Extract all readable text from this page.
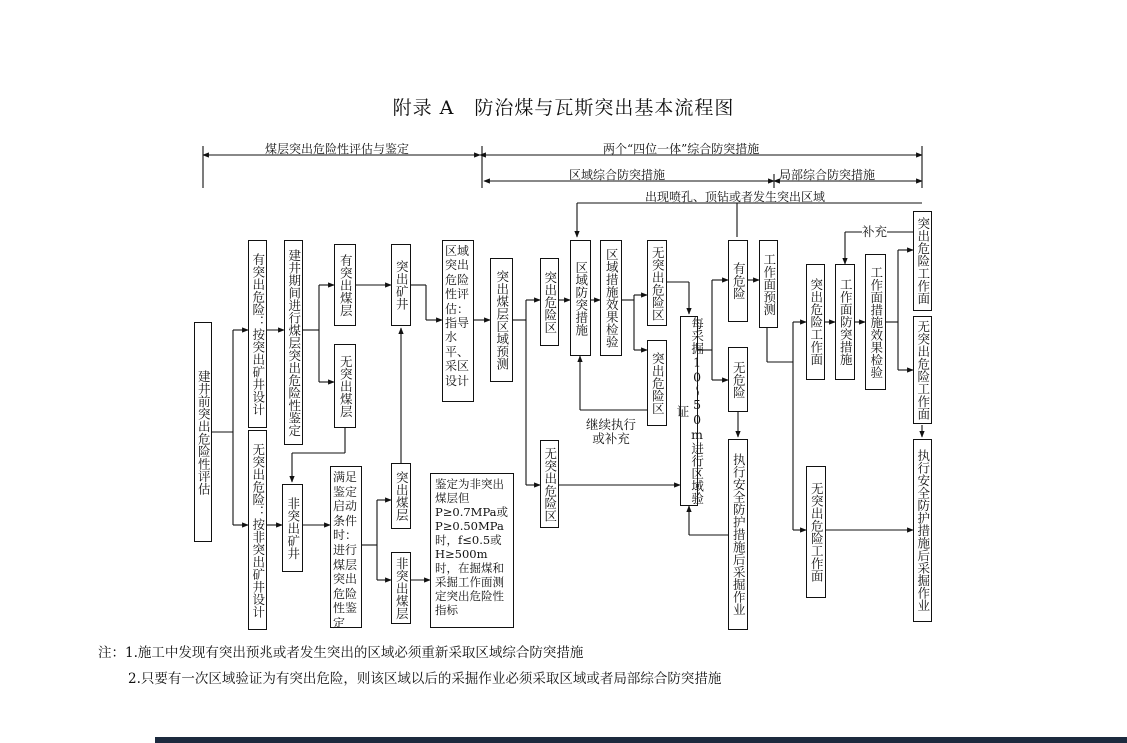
附录 A　防治煤与瓦斯突出基本流程图
煤层突出危险性评估与鉴定	两个“四位一体”综合防突措施
区域综合防突措施	局部综合防突措施
出现喷孔、顶钻或者发生突出区域
建井前突出危险性评估
有突出危险：按突出矿井设计
无突出危险：按非突出矿井设计
建井期间进行煤层突出危险性鉴定	有突出煤层
无突出煤层
突出矿井
非突出矿井
满足鉴定启动条件时：进行煤层突出危险性鉴定
突出煤层
非突出煤层
鉴定为非突出煤层但P≥0.7MPa或P≥0.50MPa时，f≤0.5或H≥500m时，在掘煤和采掘工作面测定突出危险性指标
区域突出危险性评估：指导水平、采区设计
突出煤层区域预测	突出危险区
无突出危险区
区域防突措施	区域措施效果检验 无突出危险区
突出危险区	每采掘10～50m进行区域验证
有危险
无危险
执行安全防护措施后采掘作业
工作面预测	突出危险工作面
无突出危险工作面
工作面防突措施	工作面措施效果检验
突出危险工作面
无突出危险工作面
执行安全防护措施后采掘作业
继续执行
或补充
补充
注：1.施工中发现有突出预兆或者发生突出的区域必须重新采取区域综合防突措施
2.只要有一次区域验证为有突出危险，则该区域以后的采掘作业必须采取区域或者局部综合防突措施
